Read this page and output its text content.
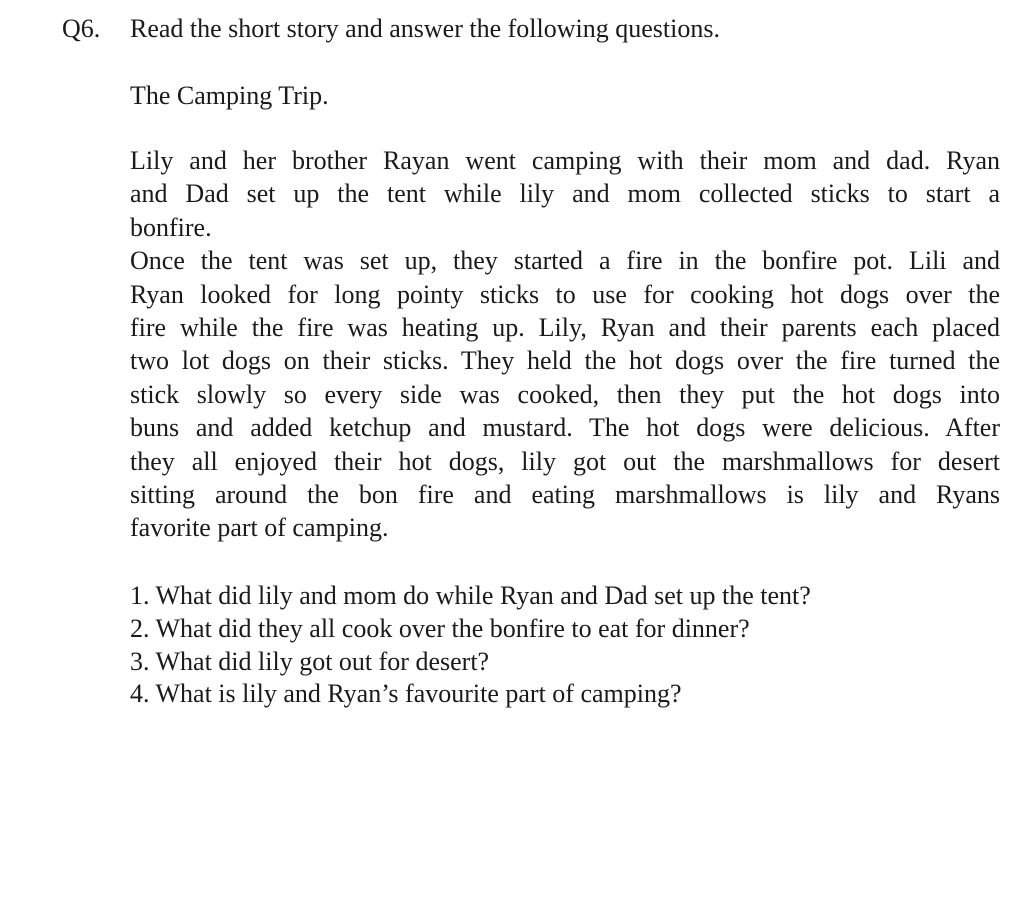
Q6. Read the short story and answer the following questions.
The Camping Trip.
Lily and her brother Rayan went camping with their mom and dad. Ryan
and Dad set up the tent while lily and mom collected sticks to start a
bonfire.
Once the tent was set up, they started a fire in the bonfire pot. Lili and
Ryan looked for long pointy sticks to use for cooking hot dogs over the
fire while the fire was heating up. Lily, Ryan and their parents each placed
two lot dogs on their sticks. They held the hot dogs over the fire turned the
stick slowly so every side was cooked, then they put the hot dogs into
buns and added ketchup and mustard. The hot dogs were delicious. After
they all enjoyed their hot dogs, lily got out the marshmallows for desert
sitting around the bon fire and eating marshmallows is lily and Ryans
favorite part of camping.
1. What did lily and mom do while Ryan and Dad set up the tent?
2. What did they all cook over the bonfire to eat for dinner?
3. What did lily got out for desert?
4. What is lily and Ryan’s favourite part of camping?
